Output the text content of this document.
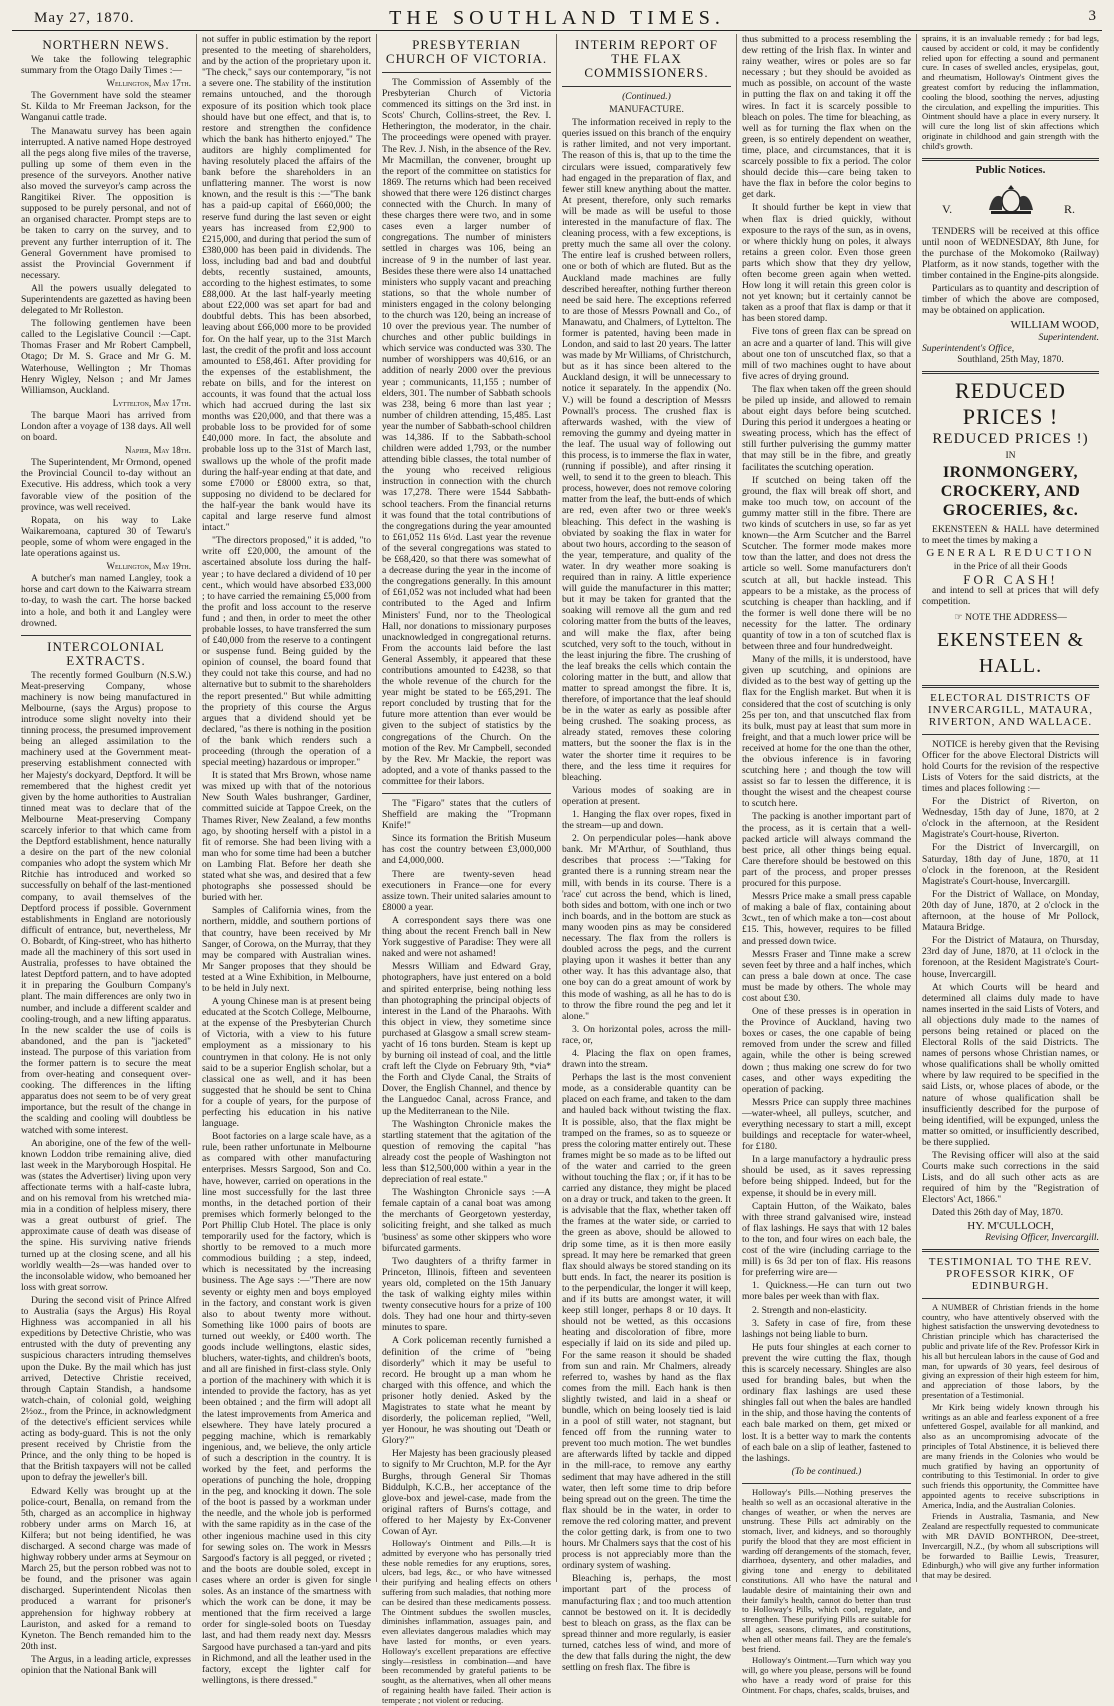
May 27, 1870.	THE SOUTHLAND TIMES.	3
NORTHERN NEWS.

We take the following telegraphic summary from the Otago Daily Times :—

Wellington, May 17th.

The Government have sold the steamer St. Kilda to Mr Freeman Jackson, for the Wanganui cattle trade.

The Manawatu survey has been again interrupted. A native named Hope destroyed all the pegs along five miles of the traverse, pulling up some of them even in the presence of the surveyors. Another native also moved the surveyor's camp across the Rangitikei River. The opposition is supposed to be purely personal, and not of an organised character. Prompt steps are to be taken to carry on the survey, and to prevent any further interruption of it. The General Government have promised to assist the Provincial Government if necessary.

All the powers usually delegated to Superintendents are gazetted as having been delegated to Mr Rolleston.

The following gentlemen have been called to the Legislative Council :—Capt. Thomas Fraser and Mr Robert Campbell, Otago; Dr M. S. Grace and Mr G. M. Waterhouse, Wellington ; Mr Thomas Henry Wigley, Nelson ; and Mr James Williamson, Auckland.

Lyttelton, May 17th.

The barque Maori has arrived from London after a voyage of 138 days. All well on board.

Napier, May 18th.

The Superintendent, Mr Ormond, opened the Provincial Council to-day without an Executive. His address, which took a very favorable view of the position of the province, was well received.

Ropata, on his way to Lake Waikaremoana, captured 30 of Tewaru's people, some of whom were engaged in the late operations against us.

Wellington, May 19th.

A butcher's man named Langley, took a horse and cart down to the Kaiwarra stream to-day, to wash the cart. The horse backed into a hole, and both it and Langley were drowned.

INTERCOLONIAL EXTRACTS.

The recently formed Goulburn (N.S.W.) Meat-preserving Company, whose machinery is now being manufactured in Melbourne, (says the Argus) propose to introduce some slight novelty into their tinning process, the presumed improvement being an alleged assimilation to the machinery used at the Government meat-preserving establishment connected with her Majesty's dockyard, Deptford. It will be remembered that the highest credit yet given by the home authorities to Australian tinned meat was to declare that of the Melbourne Meat-preserving Company scarcely inferior to that which came from the Deptford establishment, hence naturally a desire on the part of the new colonial companies who adopt the system which Mr Ritchie has introduced and worked so successfully on behalf of the last-mentioned company, to avail themselves of the Deptford process if possible. Government establishments in England are notoriously difficult of entrance, but, nevertheless, Mr O. Bobardt, of King-street, who has hitherto made all the machinery of this sort used in Australia, professes to have obtained the latest Deptford pattern, and to have adopted it in preparing the Goulburn Company's plant. The main differences are only two in number, and include a different scalder and cooling-trough, and a new lifting apparatus. In the new scalder the use of coils is abandoned, and the pan is "jacketed" instead. The purpose of this variation from the former pattern is to secure the meat from over-heating and consequent over-cooking. The differences in the lifting apparatus does not seem to be of very great importance, but the result of the change in the scalding and cooling will doubtless be watched with some interest.

An aborigine, one of the few of the well-known Loddon tribe remaining alive, died last week in the Maryborough Hospital. He was (states the Advertiser) living upon very affectionate terms with a half-caste lubra, and on his removal from his wretched mia-mia in a condition of helpless misery, there was a great outburst of grief. The approximate cause of death was disease of the spine. His surviving native friends turned up at the closing scene, and all his worldly wealth—2s—was handed over to the inconsolable widow, who bemoaned her loss with great sorrow.

During the second visit of Prince Alfred to Australia (says the Argus) His Royal Highness was accompanied in all his expeditions by Detective Christie, who was entrusted with the duty of preventing any suspicious characters intruding themselves upon the Duke. By the mail which has just arrived, Detective Christie received, through Captain Standish, a handsome watch-chain, of colonial gold, weighing 2½oz., from the Prince, in acknowledgment of the detective's efficient services while acting as body-guard. This is not the only present received by Christie from the Prince, and the only thing to be hoped is that the British taxpayers will not be called upon to defray the jeweller's bill.

Edward Kelly was brought up at the police-court, Benalla, on remand from the 5th, charged as an accomplice in highway robbery under arms on March 16, at Kilfera; but not being identified, he was discharged. A second charge was made of highway robbery under arms at Seymour on March 25, but the person robbed was not to be found, and the prisoner was again discharged. Superintendent Nicolas then produced a warrant for prisoner's apprehension for highway robbery at Lauriston, and asked for a remand to Kyneton. The Bench remanded him to the 20th inst.

The Argus, in a leading article, expresses opinion that the National Bank will

not suffer in public estimation by the report presented to the meeting of shareholders, and by the action of the proprietary upon it. "The check," says our contemporary, "is not a severe one. The stability of the institution remains untouched, and the thorough exposure of its position which took place should have but one effect, and that is, to restore and strengthen the confidence which the bank has hitherto enjoyed." The auditors are highly complimented for having resolutely placed the affairs of the bank before the shareholders in an unflattering manner. The worst is now known, and the result is this :—"The bank has a paid-up capital of £660,000; the reserve fund during the last seven or eight years has increased from £2,900 to £215,000, and during that period the sum of £380,000 has been paid in dividends. The loss, including bad and bad and doubtful debts, recently sustained, amounts, according to the highest estimates, to some £88,000. At the last half-yearly meeting about £22,000 was set apart for bad and doubtful debts. This has been absorbed, leaving about £66,000 more to be provided for. On the half year, up to the 31st March last, the credit of the profit and loss account amounted to £58,461. After providing for the expenses of the establishment, the rebate on bills, and for the interest on accounts, it was found that the actual loss which had accrued during the last six months was £20,000, and that there was a probable loss to be provided for of some £40,000 more. In fact, the absolute and probable loss up to the 31st of March last, swallows up the whole of the profit made during the half-year ending at that date, and some £7000 or £8000 extra, so that, supposing no dividend to be declared for the half-year the bank would have its capital and large reserve fund almost intact."

"The directors proposed," it is added, "to write off £20,000, the amount of the ascertained absolute loss during the half-year ; to have declared a dividend of 10 per cent., which would have absorbed £33,000 ; to have carried the remaining £5,000 from the profit and loss account to the reserve fund ; and then, in order to meet the other probable losses, to have transferred the sum of £40,000 from the reserve to a contingent or suspense fund. Being guided by the opinion of counsel, the board found that they could not take this course, and had no alternative but to submit to the shareholders the report presented." But while admitting the propriety of this course the Argus argues that a dividend should yet be declared, "as there is nothing in the position of the bank which renders such a proceeding (through the operation of a special meeting) hazardous or improper."

It is stated that Mrs Brown, whose name was mixed up with that of the notorious New South Wales bushranger, Gardiner, committed suicide at Tappoe Creek, on the Thames River, New Zealand, a few months ago, by shooting herself with a pistol in a fit of remorse. She had been living with a man who for some time had been a butcher on Lambing Flat. Before her death she stated what she was, and desired that a few photographs she possessed should be buried with her.

Samples of California wines, from the northern, middle, and southern portions of that country, have been received by Mr Sanger, of Corowa, on the Murray, that they may be compared with Australian wines. Mr Sanger proposes that they should be tested at a Wine Exhibition, in Melbourne, to be held in July next.

A young Chinese man is at present being educated at the Scotch College, Melbourne, at the expense of the Presbyterian Church of Victoria, with a view to his future employment as a missionary to his countrymen in that colony. He is not only said to be a superior English scholar, but a classical one as well, and it has been suggested that he should be sent to China for a couple of years, for the purpose of perfecting his education in his native language.

Boot factories on a large scale have, as a rule, been rather unfortunate in Melbourne as compared with other manufacturing enterprises. Messrs Sargood, Son and Co. have, however, carried on operations in the line most successfully for the last three months, in the detached portion of their premises which formerly belonged to the Port Phillip Club Hotel. The place is only temporarily used for the factory, which is shortly to be removed to a much more commodious building ; a step, indeed, which is necessitated by the increasing business. The Age says :—"There are now seventy or eighty men and boys employed in the factory, and constant work is given also to about twenty more without. Something like 1000 pairs of boots are turned out weekly, or £400 worth. The goods include wellingtons, elastic sides, bluchers, water-tights, and children's boots, and all are finished in first-class style. Only a portion of the machinery with which it is intended to provide the factory, has as yet been obtained ; and the firm will adopt all the latest improvements from America and elsewhere. They have lately procured a pegging machine, which is remarkably ingenious, and, we believe, the only article of such a description in the country. It is worked by the feet, and performs the operations of punching the hole, dropping in the peg, and knocking it down. The sole of the boot is passed by a workman under the needle, and the whole job is performed with the same rapidity as in the case of the other ingenious machine used in this city for sewing soles on. The work in Messrs Sargood's factory is all pegged, or riveted ; and the boots are double soled, except in cases where an order is given for single soles. As an instance of the smartness with which the work can be done, it may be mentioned that the firm received a large order for single-soled boots on Tuesday last, and had them ready next day. Messrs Sargood have purchased a tan-yard and pits in Richmond, and all the leather used in the factory, except the lighter calf for wellingtons, is there dressed."

PRESBYTERIAN CHURCH OF VICTORIA.

The Commission of Assembly of the Presbyterian Church of Victoria commenced its sittings on the 3rd inst. in Scots' Church, Collins-street, the Rev. I. Hetherington, the moderator, in the chair. The proceedings were opened with prayer. The Rev. J. Nish, in the absence of the Rev. Mr Macmillan, the convener, brought up the report of the committee on statistics for 1869. The returns which had been received showed that there were 126 distinct charges connected with the Church. In many of these charges there were two, and in some cases even a larger number of congregations. The number of ministers settled in charges was 106, being an increase of 9 in the number of last year. Besides these there were also 14 unattached ministers who supply vacant and preaching stations, so that the whole number of ministers engaged in the colony belonging to the church was 120, being an increase of 10 over the previous year. The number of churches and other public buildings in which service was conducted was 330. The number of worshippers was 40,616, or an addition of nearly 2000 over the previous year ; communicants, 11,155 ; number of elders, 301. The number of Sabbath schools was 238, being 6 more than last year ; number of children attending, 15,485. Last year the number of Sabbath-school children was 14,386. If to the Sabbath-school children were added 1,793, or the number attending bible classes, the total number of the young who received religious instruction in connection with the church was 17,278. There were 1544 Sabbath-school teachers. From the financial returns it was found that the total contributions of the congregations during the year amounted to £61,052 11s 6½d. Last year the revenue of the several congregations was stated to be £68,420, so that there was somewhat of a decrease during the year in the income of the congregations generally. In this amount of £61,052 was not included what had been contributed to the Aged and Infirm Ministers' Fund, nor to the Theological Hall, nor donations to missionary purposes unacknowledged in congregational returns. From the accounts laid before the last General Assembly, it appeared that these contributions amounted to £4238, so that the whole revenue of the church for the year might be stated to be £65,291. The report concluded by trusting that for the future more attention than ever would be given to the subject of statistics by the congregations of the Church. On the motion of the Rev. Mr Campbell, seconded by the Rev. Mr Mackie, the report was adopted, and a vote of thanks passed to the committee for their labors.

The "Figaro" states that the cutlers of Sheffield are making the "Tropmann Knife!"

Since its formation the British Museum has cost the country between £3,000,000 and £4,000,000.

There are twenty-seven head executioners in France—one for every assize town. Their united salaries amount to £8000 a year.

A correspondent says there was one thing about the recent French ball in New York suggestive of Paradise: They were all naked and were not ashamed!

Messrs William and Edward Gray, photographers, have just entered on a bold and spirited enterprise, being nothing less than photographing the principal objects of interest in the Land of the Pharaohs. With this object in view, they sometime since purchased at Glasgow a small screw steam-yacht of 16 tons burden. Steam is kept up by burning oil instead of coal, and the little craft left the Clyde on February 9th, *via* the Forth and Clyde Canal, the Straits of Dover, the English Channel, and thence by the Languedoc Canal, across France, and up the Mediterranean to the Nile.

The Washington Chronicle makes the startling statement that the agitation of the question of removing the capital "has already cost the people of Washington not less than $12,500,000 within a year in the depreciation of real estate."

The Washington Chronicle says :—A female captain of a canal boat was among the merchants of Georgetown yesterday, soliciting freight, and she talked as much 'business' as some other skippers who wore bifurcated garments.

Two daughters of a thrifty farmer in Princeton, Illinois, fifteen and seventeen years old, completed on the 15th January the task of walking eighty miles within twenty consecutive hours for a prize of 100 dols. They had one hour and thirty-seven minutes to spare.

A Cork policeman recently furnished a definition of the crime of "being disorderly" which it may be useful to record. He brought up a man whom he charged with this offence, and which the prisoner hotly denied. Asked by the Magistrates to state what he meant by disorderly, the policeman replied, "Well, yer Honour, he was shouting out 'Death or Glory?'"

Her Majesty has been graciously pleased to signify to Mr Cruchton, M.P. for the Ayr Burghs, through General Sir Thomas Biddulph, K.C.B., her acceptance of the glove-box and jewel-case, made from the original rafters of Burns's cottage, and offered to her Majesty by Ex-Convener Cowan of Ayr.

Holloway's Ointment and Pills.—It is admitted by everyone who has personally tried these noble remedies for any eruptions, sores, ulcers, bad legs, &c., or who have witnessed their purifying and healing effects on others suffering from such maladies, that nothing more can be desired than these medicaments possess. The Ointment subdues the swollen muscles, diminishes inflammation, assuages pain, and even alleviates dangerous maladies which may have lasted for months, or even years. Holloway's excellent preparations are effective singly—resistless in combination—and have been recommended by grateful patients to be sought, as the alternatives, when all other means of regaining health have failed. Their action is temperate ; not violent or reducing.

INTERIM REPORT OF THE FLAX COMMISSIONERS.
(Continued.)
MANUFACTURE.

The information received in reply to the queries issued on this branch of the enquiry is rather limited, and not very important. The reason of this is, that up to the time the circulars were issued, comparatively few had engaged in the preparation of flax, and fewer still knew anything about the matter. At present, therefore, only such remarks will be made as will be useful to those interested in the manufacture of flax. The cleaning process, with a few exceptions, is pretty much the same all over the colony. The entire leaf is crushed between rollers, one or both of which are fluted. But as the Auckland made machines are fully described hereafter, nothing further thereon need be said here. The exceptions referred to are those of Messrs Pownall and Co., of Manawatu, and Chalmers, of Lyttelton. The former is patented, having been made in London, and said to last 20 years. The latter was made by Mr Williams, of Christchurch, but as it has since been altered to the Auckland design, it will be unnecessary to notice it separately. In the appendix (No. V.) will be found a description of Messrs Pownall's process. The crushed flax is afterwards washed, with the view of removing the gummy and dyeing matter in the leaf. The usual way of following out this process, is to immerse the flax in water, (running if possible), and after rinsing it well, to send it to the green to bleach. This process, however, does not remove coloring matter from the leaf, the butt-ends of which are red, even after two or three week's bleaching. This defect in the washing is obviated by soaking the flax in water for about two hours, according to the season of the year, temperature, and quality of the water. In dry weather more soaking is required than in rainy. A little experience will guide the manufacturer in this matter; but it may be taken for granted that the soaking will remove all the gum and red coloring matter from the butts of the leaves, and will make the flax, after being scutched, very soft to the touch, without in the least injuring the fibre. The crushing of the leaf breaks the cells which contain the coloring matter in the butt, and allow that matter to spread amongst the fibre. It is, therefore, of importance that the leaf should be in the water as early as possible after being crushed. The soaking process, as already stated, removes these coloring matters, but the sooner the flax is in the water the shorter time it requires to be there, and the less time it requires for bleaching.

Various modes of soaking are in operation at present.

1. Hanging the flax over ropes, fixed in the stream—up and down.

2. On perpendicular poles—hank above bank. Mr M'Arthur, of Southland, thus describes that process :—"Taking for granted there is a running stream near the mill, with bends in its course. There is a 'race' cut across the bend, which is lined, both sides and bottom, with one inch or two inch boards, and in the bottom are stuck as many wooden pins as may be considered necessary. The flax from the rollers is doubled across the pegs, and the current playing upon it washes it better than any other way. It has this advantage also, that one boy can do a great amount of work by this mode of washing, as all he has to do is to throw the fibre round the peg and let it alone."

3. On horizontal poles, across the mill-race, or,

4. Placing the flax on open frames, drawn into the stream.

Perhaps the last is the most convenient mode, as a considerable quantity can be placed on each frame, and taken to the dam and hauled back without twisting the flax. It is possible, also, that the flax might be tramped on the frames, so as to squeeze or press the coloring matter entirely out. These frames might be so made as to be lifted out of the water and carried to the green without touching the flax ; or, if it has to be carried any distance, they might be placed on a dray or truck, and taken to the green. It is advisable that the flax, whether taken off the frames at the water side, or carried to the green as above, should be allowed to drip some time, as it is then more easily spread. It may here be remarked that green flax should always be stored standing on its butt ends. In fact, the nearer its position is to the perpendicular, the longer it will keep, and if its butts are amongst water, it will keep still longer, perhaps 8 or 10 days. It should not be wetted, as this occasions heating and discoloration of fibre, more especially if laid on its side and piled up. For the same reason it should be shaded from sun and rain. Mr Chalmers, already referred to, washes by hand as the flax comes from the mill. Each hank is then slightly twisted, and laid in a sheaf or bundle, which on being loosely tied is laid in a pool of still water, not stagnant, but fenced off from the running water to prevent too much motion. The wet bundles are afterwards lifted by tackle and dipped in the mill-race, to remove any earthy sediment that may have adhered in the still water, then left some time to drip before being spread out on the green. The time the flax should be in the water, in order to remove the red coloring matter, and prevent the color getting dark, is from one to two hours. Mr Chalmers says that the cost of his process is not appreciably more than the ordinary system of washing.

Bleaching is, perhaps, the most important part of the process of manufacturing flax ; and too much attention cannot be bestowed on it. It is decidedly best to bleach on grass, as the flax can be spread thinner and more regularly, is easier turned, catches less of wind, and more of the dew that falls during the night, the dew settling on fresh flax. The fibre is

thus submitted to a process resembling the dew retting of the Irish flax. In winter and rainy weather, wires or poles are so far necessary ; but they should be avoided as much as possible, on account of the waste in putting the flax on and taking it off the wires. In fact it is scarcely possible to bleach on poles. The time for bleaching, as well as for turning the flax when on the green, is so entirely dependent on weather, time, place, and circumstances, that it is scarcely possible to fix a period. The color should decide this—care being taken to have the flax in before the color begins to get dark.

It should further be kept in view that when flax is dried quickly, without exposure to the rays of the sun, as in ovens, or where thickly hung on poles, it always retains a green color. Even those green parts which show that they dry yellow, often become green again when wetted. How long it will retain this green color is not yet known; but it certainly cannot be taken as a proof that flax is damp or that it has been stored damp.

Five tons of green flax can be spread on an acre and a quarter of land. This will give about one ton of unscutched flax, so that a mill of two machines ought to have about five acres of drying ground.

The flax when taken off the green should be piled up inside, and allowed to remain about eight days before being scutched. During this period it undergoes a heating or sweating process, which has the effect of still further pulverising the gummy matter that may still be in the fibre, and greatly facilitates the scutching operation.

If scutched on being taken off the ground, the flax will break off short, and make too much tow, on account of the gummy matter still in the fibre. There are two kinds of scutchers in use, so far as yet known—the Arm Scutcher and the Barrel Scutcher. The former mode makes more tow than the latter, and does not dress the article so well. Some manufacturers don't scutch at all, but hackle instead. This appears to be a mistake, as the process of scutching is cheaper than hackling, and if the former is well done there will be no necessity for the latter. The ordinary quantity of tow in a ton of scutched flax is between three and four hundredweight.

Many of the mills, it is understood, have given up scutching, and opinions are divided as to the best way of getting up the flax for the English market. But when it is considered that the cost of scutching is only 25s per ton, and that unscutched flax from its bulk, must pay at least that sum more in freight, and that a much lower price will be received at home for the one than the other, the obvious inference is in favoring scutching here ; and though the tow will assist so far to lessen the difference, it is thought the wisest and the cheapest course to scutch here.

The packing is another important part of the process, as it is certain that a well-packed article will always command the best price, all other things being equal. Care therefore should be bestowed on this part of the process, and proper presses procured for this purpose.

Messrs Price make a small press capable of making a bale of flax, containing about 3cwt., ten of which make a ton—cost about £15. This, however, requires to be filled and pressed down twice.

Messrs Fraser and Tinne make a screw seven feet by three and a half inches, which can press a bale down at once. The case must be made by others. The whole may cost about £30.

One of these presses is in operation in the Province of Auckland, having two boxes or cases, the one capable of being removed from under the screw and filled again, while the other is being screwed down ; thus making one screw do for two cases, and other ways expediting the operation of packing.

Messrs Price can supply three machines —water-wheel, all pulleys, scutcher, and everything necessary to start a mill, except buildings and receptacle for water-wheel, for £180.

In a large manufactory a hydraulic press should be used, as it saves repressing before being shipped. Indeed, but for the expense, it should be in every mill.

Captain Hutton, of the Waikato, bales with three strand galvanised wire, instead of flax lashings. He says that with 12 bales to the ton, and four wires on each bale, the cost of the wire (including carriage to the mill) is 6s 3d per ton of flax. His reasons for preferring wire are—

1. Quickness.—He can turn out two more bales per week than with flax.

2. Strength and non-elasticity.

3. Safety in case of fire, from these lashings not being liable to burn.

He puts four shingles at each corner to prevent the wire cutting the flax, though this is scarcely necessary. Shingles are also used for branding bales, but when the ordinary flax lashings are used these shingles fall out when the bales are handled in the ship, and those having the contents of each bale marked on them, get mixed or lost. It is a better way to mark the contents of each bale on a slip of leather, fastened to the lashings.

(To be continued.)

Holloway's Pills.—Nothing preserves the health so well as an occasional alterative in the changes of weather, or when the nerves are unstrung. These Pills act admirably on the stomach, liver, and kidneys, and so thoroughly purify the blood that they are most efficient in warding off derangements of the stomach, fever, diarrhoea, dysentery, and other maladies, and giving tone and energy to debilitated constitutions. All who have the natural and laudable desire of maintaining their own and their family's health, cannot do better than trust to Holloway's Pills, which cool, regulate, and strengthen. These purifying Pills are suitable for all ages, seasons, climates, and constitutions, when all other means fail. They are the female's best friend.

Holloway's Ointment.—Turn which way you will, go where you please, persons will be found who have a ready word of praise for this Ointment. For chaps, chafes, scalds, bruises, and

sprains, it is an invaluable remedy ; for bad legs, caused by accident or cold, it may be confidently relied upon for effecting a sound and permanent cure. In cases of swelled ancles, erysipelas, gout, and rheumatism, Holloway's Ointment gives the greatest comfort by reducing the inflammation, cooling the blood, soothing the nerves, adjusting the circulation, and expelling the impurities. This Ointment should have a place in every nursery. It will cure the long list of skin affections which originate in childhood and gain strength with the child's growth.

Public Notices.
V.	R.

TENDERS will be received at this office until noon of WEDNESDAY, 8th June, for the purchase of the Mokomoko (Railway) Platform, as it now stands, together with the timber contained in the Engine-pits alongside.

Particulars as to quantity and description of timber of which the above are composed, may be obtained on application.

WILLIAM WOOD,
Superintendent.
Superintendent's Office,
Southland, 25th May, 1870.
REDUCED PRICES !
REDUCED PRICES !)
IN
IRONMONGERY, CROCKERY, AND GROCERIES, &c.

EKENSTEEN & HALL have determined to meet the times by making a

GENERAL REDUCTION
in the Price of all their Goods
FOR CASH!

and intend to sell at prices that will defy competition.

☞ NOTE THE ADDRESS—
EKENSTEEN & HALL.
ELECTORAL DISTRICTS OF INVERCARGILL, MATAURA, RIVERTON, AND WALLACE.

NOTICE is hereby given that the Revising Officer for the above Electoral Districts will hold Courts for the revision of the respective Lists of Voters for the said districts, at the times and places following :—

For the District of Riverton, on Wednesday, 15th day of June, 1870, at 2 o'clock in the afternoon, at the Resident Magistrate's Court-house, Riverton.

For the District of Invercargill, on Saturday, 18th day of June, 1870, at 11 o'clock in the forenoon, at the Resident Magistrate's Court-house, Invercargill.

For the District of Wallace, on Monday, 20th day of June, 1870, at 2 o'clock in the afternoon, at the house of Mr Pollock, Mataura Bridge.

For the District of Mataura, on Thursday, 23rd day of June, 1870, at 11 o'clock in the forenoon, at the Resident Magistrate's Court-house, Invercargill.

At which Courts will be heard and determined all claims duly made to have names inserted in the said Lists of Voters, and all objections duly made to the names of persons being retained or placed on the Electoral Rolls of the said Districts. The names of persons whose Christian names, or whose qualifications shall be wholly omitted where by law required to be specified in the said Lists, or, whose places of abode, or the nature of whose qualification shall be insufficiently described for the purpose of being identified, will be expunged, unless the matter so omitted, or insufficiently described, be there supplied.

The Revising officer will also at the said Courts make such corrections in the said Lists, and do all such other acts as are required of him by the "Registration of Electors' Act, 1866."

Dated this 26th day of May, 1870.

HY. M'CULLOCH,
Revising Officer, Invercargill.
TESTIMONIAL TO THE REV. PROFESSOR KIRK, OF EDINBURGH.

A NUMBER of Christian friends in the home country, who have attentively observed with the highest satisfaction the unswerving devotedness to Christian principle which has characterised the public and private life of the Rev. Professor Kirk in his all but herculean labors in the cause of God and man, for upwards of 30 years, feel desirous of giving an expression of their high esteem for him, and appreciation of those labors, by the presentation of a Testimonial.

Mr Kirk being widely known through his writings as an able and fearless exponent of a free unfettered Gospel, available for all mankind, and also as an uncompromising advocate of the principles of Total Abstinence, it is believed there are many friends in the Colonies who would be much gratified by having an opportunity of contributing to this Testimonial. In order to give such friends this opportunity, the Committee have appointed agents to receive subscriptions in America, India, and the Australian Colonies.

Friends in Australia, Tasmania, and New Zealand are respectfully requested to communicate with MR DAVID BONTHRON, Dee-street, Invercargill, N.Z., (by whom all subscriptions will be forwarded to Baillie Lewis, Treasurer, Edinburgh,) who will give any further information that may be desired.
